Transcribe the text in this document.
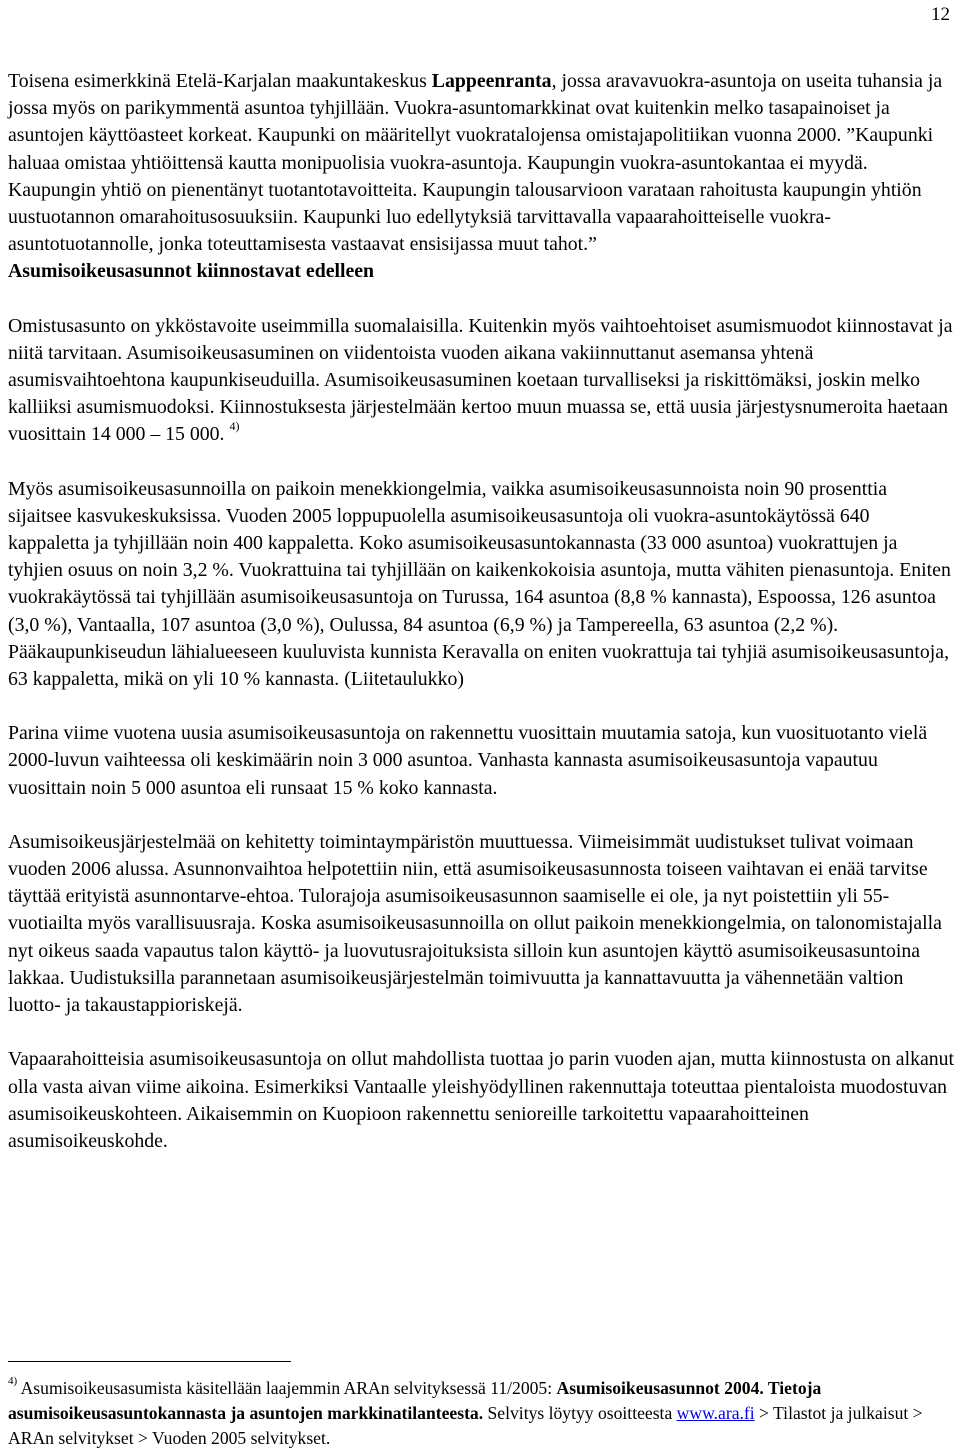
12

Toisena esimerkkinä Etelä-Karjalan maakuntakeskus Lappeenranta, jossa aravavuokra-asuntoja on useita tuhansia ja jossa myös on parikymmentä asuntoa tyhjillään. Vuokra-asuntomarkkinat ovat kuitenkin melko tasapainoiset ja asuntojen käyttöasteet korkeat. Kaupunki on määritellyt vuokratalojensa omistajapolitiikan vuonna 2000. ”Kaupunki haluaa omistaa yhtiöittensä kautta monipuolisia vuokra-asuntoja. Kaupungin vuokra-asuntokantaa ei myydä. Kaupungin yhtiö on pienentänyt tuotantotavoitteita. Kaupungin talousarvioon varataan rahoitusta kaupungin yhtiön uustuotannon omarahoitusosuuksiin. Kaupunki luo edellytyksiä tarvittavalla vapaarahoitteiselle vuokra-asuntotuotannolle, jonka toteuttamisesta vastaavat ensisijassa muut tahot.”

Asumisoikeusasunnot kiinnostavat edelleen

Omistusasunto on ykköstavoite useimmilla suomalaisilla. Kuitenkin myös vaihtoehtoiset asumismuodot kiinnostavat ja niitä tarvitaan. Asumisoikeusasuminen on viidentoista vuoden aikana vakiinnuttanut asemansa yhtenä asumisvaihtoehtona kaupunkiseuduilla. Asumisoikeusasuminen koetaan turvalliseksi ja riskittömäksi, joskin melko kalliiksi asumismuodoksi. Kiinnostuksesta järjestelmään kertoo muun muassa se, että uusia järjestysnumeroita haetaan vuosittain 14 000 – 15 000. $^{4)}$

Myös asumisoikeusasunnoilla on paikoin menekkiongelmia, vaikka asumisoikeusasunnoista noin 90 prosenttia sijaitsee kasvukeskuksissa. Vuoden 2005 loppupuolella asumisoikeusasuntoja oli vuokra-asuntokäytössä 640 kappaletta ja tyhjillään noin 400 kappaletta. Koko asumisoikeusasuntokannasta (33 000 asuntoa) vuokrattujen ja tyhjien osuus on noin 3,2 %. Vuokrattuina tai tyhjillään on kaikenkokoisia asuntoja, mutta vähiten pienasuntoja. Eniten vuokrakäytössä tai tyhjillään asumisoikeusasuntoja on Turussa, 164 asuntoa (8,8 % kannasta), Espoossa, 126 asuntoa (3,0 %), Vantaalla, 107 asuntoa (3,0 %), Oulussa, 84 asuntoa (6,9 %) ja Tampereella, 63 asuntoa (2,2 %). Pääkaupunkiseudun lähialueeseen kuuluvista kunnista Keravalla on eniten vuokrattuja tai tyhjiä asumisoikeusasuntoja, 63 kappaletta, mikä on yli 10 % kannasta. (Liitetaulukko)

Parina viime vuotena uusia asumisoikeusasuntoja on rakennettu vuosittain muutamia satoja, kun vuosituotanto vielä 2000-luvun vaihteessa oli keskimäärin noin 3 000 asuntoa. Vanhasta kannasta asumisoikeusasuntoja vapautuu vuosittain noin 5 000 asuntoa eli runsaat 15 % koko kannasta.

Asumisoikeusjärjestelmää on kehitetty toimintaympäristön muuttuessa. Viimeisimmät uudistukset tulivat voimaan vuoden 2006 alussa. Asunnonvaihtoa helpotettiin niin, että asumisoikeusasunnosta toiseen vaihtavan ei enää tarvitse täyttää erityistä asunnontarve-ehtoa. Tulorajoja asumisoikeusasunnon saamiselle ei ole, ja nyt poistettiin yli 55-vuotiailta myös varallisuusraja. Koska asumisoikeusasunnoilla on ollut paikoin menekkiongelmia, on talonomistajalla nyt oikeus saada vapautus talon käyttö- ja luovutusrajoituksista silloin kun asuntojen käyttö asumisoikeusasuntoina lakkaa. Uudistuksilla parannetaan asumisoikeusjärjestelmän toimivuutta ja kannattavuutta ja vähennetään valtion luotto- ja takaustappioriskejä.

Vapaarahoitteisia asumisoikeusasuntoja on ollut mahdollista tuottaa jo parin vuoden ajan, mutta kiinnostusta on alkanut olla vasta aivan viime aikoina. Esimerkiksi Vantaalle yleishyödyllinen rakennuttaja toteuttaa pientaloista muodostuvan asumisoikeuskohteen. Aikaisemmin on Kuopioon rakennettu senioreille tarkoitettu vapaarahoitteinen asumisoikeuskohde.

$^{4)}$ Asumisoikeusasumista käsitellään laajemmin ARAn selvityksessä 11/2005: Asumisoikeusasunnot 2004. Tietoja asumisoikeusasuntokannasta ja asuntojen markkinatilanteesta. Selvitys löytyy osoitteesta www.ara.fi > Tilastot ja julkaisut > ARAn selvitykset > Vuoden 2005 selvitykset.
